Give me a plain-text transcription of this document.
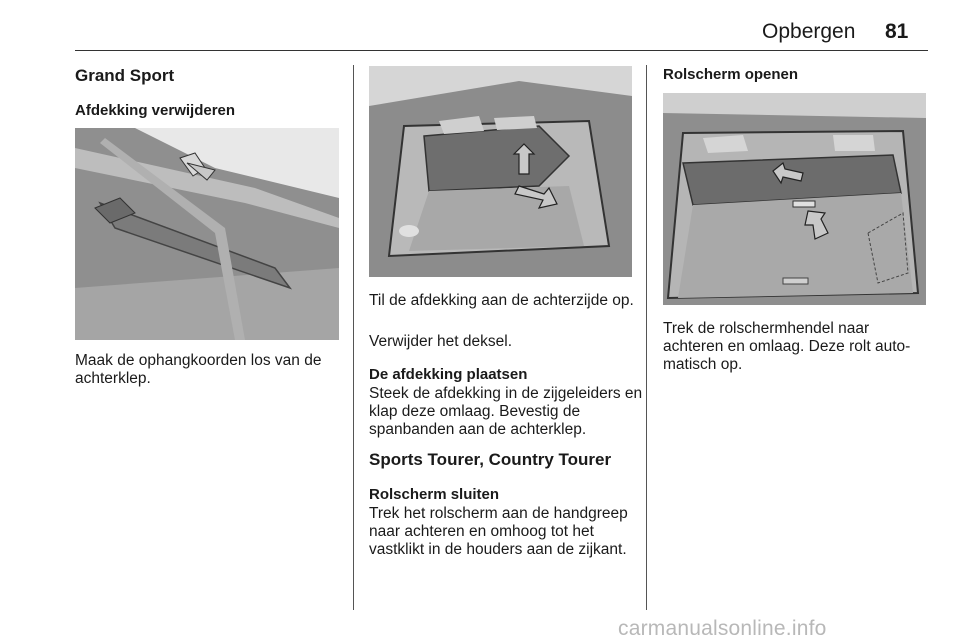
Opbergen 81
Grand Sport
Afdekking verwijderen

Maak de ophangkoorden los van de achterklep.

Til de afdekking aan de achterzijde op.

Verwijder het deksel.

De afdekking plaatsen

Steek de afdekking in de zijgeleiders en klap deze omlaag. Bevestig de spanbanden aan de achterklep.

Sports Tourer, Country Tourer
Rolscherm sluiten

Trek het rolscherm aan de handgreep naar achteren en omhoog tot het vastklikt in de houders aan de zijkant.

Rolscherm openen

Trek de rolschermhendel naar achteren en omlaag. Deze rolt auto-matisch op.

carmanualsonline.info
